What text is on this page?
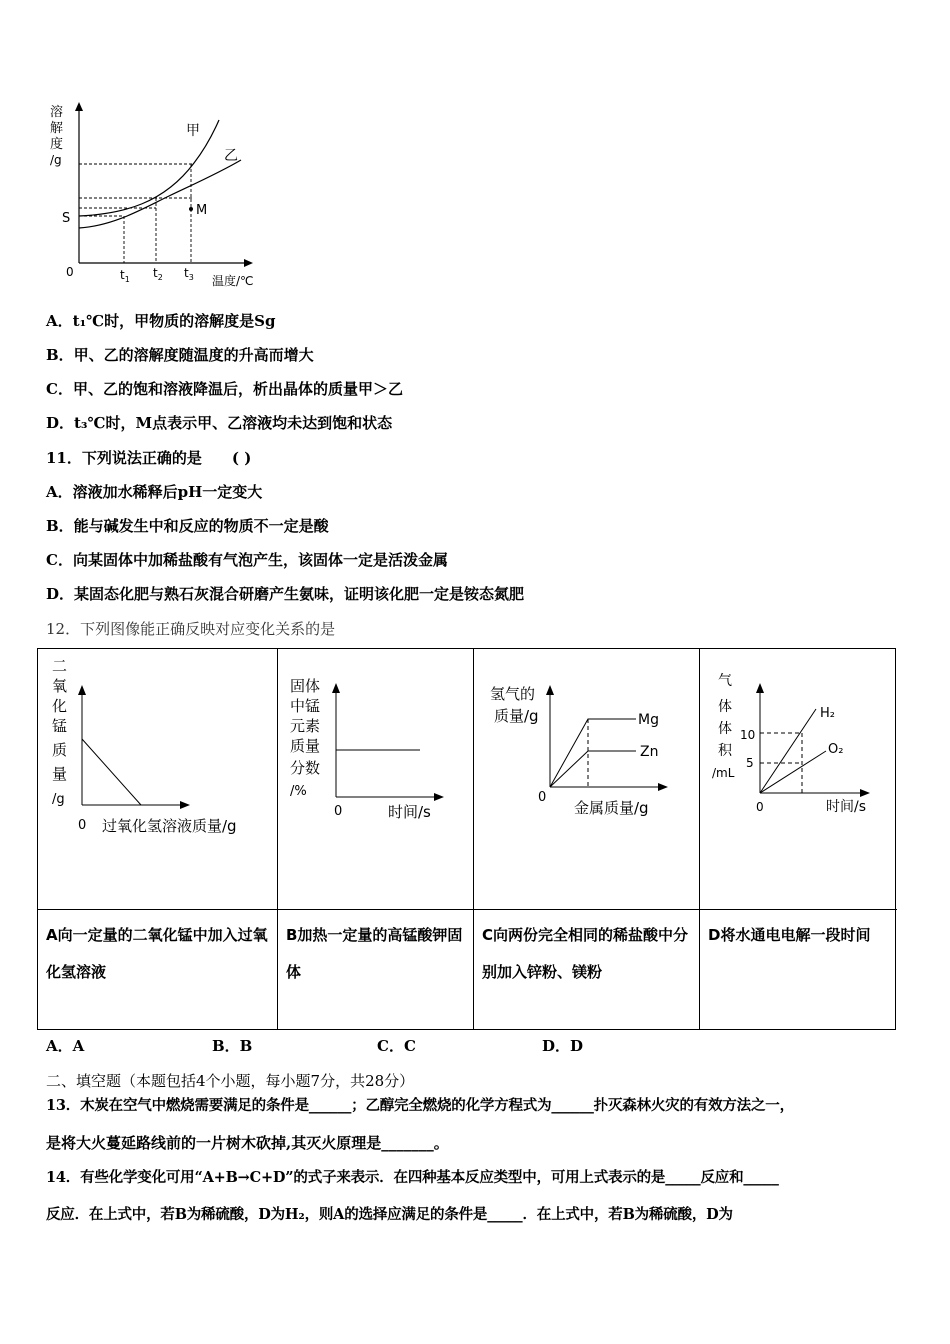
溶
解
度
/g
S
0
温度/℃
$t_1$ $t_2$ $t_3$
甲
乙
M
A．t₁℃时，甲物质的溶解度是Sg
B．甲、乙的溶解度随温度的升高而增大
C．甲、乙的饱和溶液降温后，析出晶体的质量甲＞乙
D．t₃℃时，M点表示甲、乙溶液均未达到饱和状态
11．下列说法正确的是　　( )
A．溶液加水稀释后pH一定变大
B．能与碱发生中和反应的物质不一定是酸
C．向某固体中加稀盐酸有气泡产生，该固体一定是活泼金属
D．某固态化肥与熟石灰混合研磨产生氨味，证明该化肥一定是铵态氮肥
12．下列图像能正确反映对应变化关系的是
二
氧
化
锰
质
量
/g
0 过氧化氢溶液质量/g
A向一定量的二氧化锰中加入过氧化氢溶液
固体
中锰
元素
质量
分数
/%
0	时间/s
B加热一定量的高锰酸钾固体
氢气的
质量/g	Mg
Zn
0
金属质量/g
C向两份完全相同的稀盐酸中分别加入锌粉、镁粉
气
体
体
积
/mL
10
5
H₂
O₂
0	时间/s
D将水通电电解一段时间
A．A	B．B	C．C	D．D
二、填空题（本题包括4个小题，每小题7分，共28分）
13．木炭在空气中燃烧需要满足的条件是______；乙醇完全燃烧的化学方程式为______扑灭森林火灾的有效方法之一，
是将大火蔓延路线前的一片树木砍掉,其灭火原理是_______。
14．有些化学变化可用“A+B→C+D”的式子来表示．在四种基本反应类型中，可用上式表示的是_____反应和_____
反应．在上式中，若B为稀硫酸，D为H₂，则A的选择应满足的条件是_____．在上式中，若B为稀硫酸，D为
